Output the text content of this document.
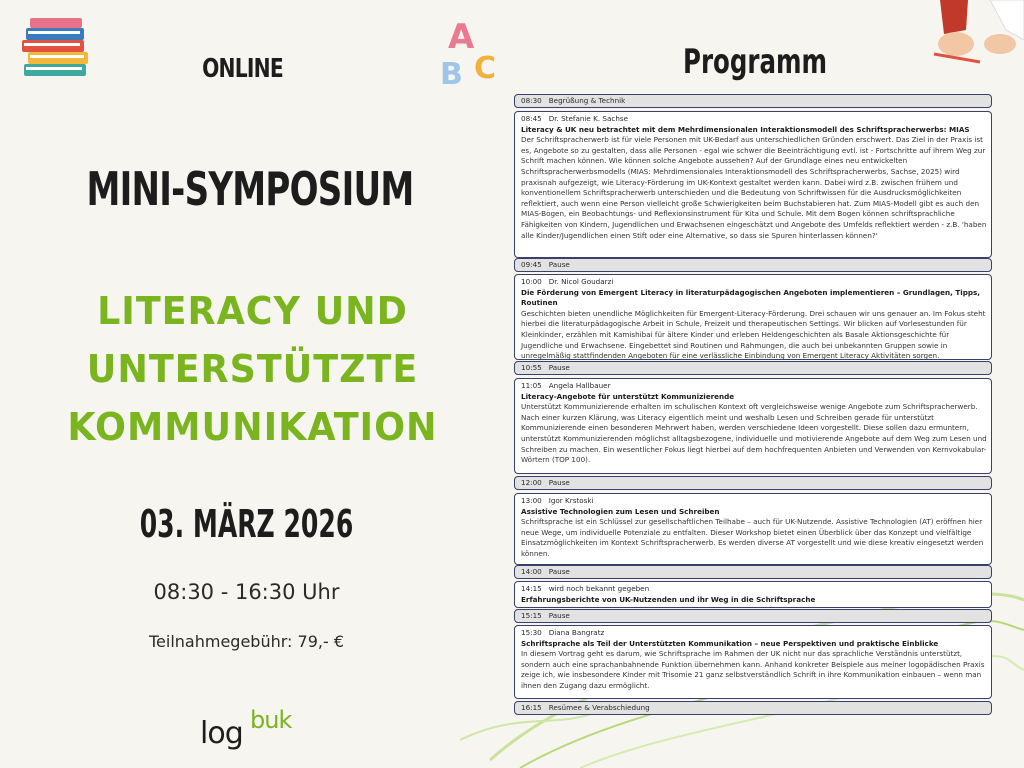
A
B C
ONLINE
MINI-SYMPOSIUM
LITERACY UND
UNTERSTÜTZTE
KOMMUNIKATION
03. MÄRZ 2026
08:30 - 16:30 Uhr
Teilnahmegebühr: 79,- €
log buk
Programm
08:30 Begrüßung & Technik
08:45 Dr. Stefanie K. Sachse
Literacy & UK neu betrachtet mit dem Mehrdimensionalen Interaktionsmodell des Schriftspracherwerbs: MIAS
Der Schriftspracherwerb ist für viele Personen mit UK-Bedarf aus unterschiedlichen Gründen erschwert. Das Ziel in der Praxis ist es, Angebote so zu gestalten, dass alle Personen - egal wie schwer die Beeinträchtigung evtl. ist - Fortschritte auf ihrem Weg zur Schrift machen können. Wie können solche Angebote aussehen? Auf der Grundlage eines neu entwickelten Schriftspracherwerbsmodells (MIAS: Mehrdimensionales Interaktionsmodell des Schriftspracherwerbs, Sachse, 2025) wird praxisnah aufgezeigt, wie Literacy-Förderung im UK-Kontext gestaltet werden kann. Dabei wird z.B. zwischen frühem und konventionellem Schriftspracherwerb unterschieden und die Bedeutung von Schriftwissen für die Ausdrucksmöglichkeiten reflektiert, auch wenn eine Person vielleicht große Schwierigkeiten beim Buchstabieren hat. Zum MIAS-Modell gibt es auch den MIAS-Bogen, ein Beobachtungs- und Reflexionsinstrument für Kita und Schule. Mit dem Bogen können schriftsprachliche Fähigkeiten von Kindern, Jugendlichen und Erwachsenen eingeschätzt und Angebote des Umfelds reflektiert werden - z.B. 'haben alle Kinder/Jugendlichen einen Stift oder eine Alternative, so dass sie Spuren hinterlassen können?'
09:45 Pause
10:00 Dr. Nicol Goudarzi
Die Förderung von Emergent Literacy in literaturpädagogischen Angeboten implementieren – Grundlagen, Tipps, Routinen
Geschichten bieten unendliche Möglichkeiten für Emergent-Literacy-Förderung. Drei schauen wir uns genauer an. Im Fokus steht hierbei die literaturpädagogische Arbeit in Schule, Freizeit und therapeutischen Settings. Wir blicken auf Vorlesestunden für Kleinkinder, erzählen mit Kamishibai für ältere Kinder und erleben Heldengeschichten als Basale Aktionsgeschichte für Jugendliche und Erwachsene. Eingebettet sind Routinen und Rahmungen, die auch bei unbekannten Gruppen sowie in unregelmäßig stattfindenden Angeboten für eine verlässliche Einbindung von Emergent Literacy Aktivitäten sorgen.
10:55 Pause
11:05 Angela Hallbauer
Literacy-Angebote für unterstützt Kommunizierende
Unterstützt Kommunizierende erhalten im schulischen Kontext oft vergleichsweise wenige Angebote zum Schriftspracherwerb. Nach einer kurzen Klärung, was Literacy eigentlich meint und weshalb Lesen und Schreiben gerade für unterstützt Kommunizierende einen besonderen Mehrwert haben, werden verschiedene Ideen vorgestellt. Diese sollen dazu ermuntern, unterstützt Kommunizierenden möglichst alltagsbezogene, individuelle und motivierende Angebote auf dem Weg zum Lesen und Schreiben zu machen. Ein wesentlicher Fokus liegt hierbei auf dem hochfrequenten Anbieten und Verwenden von Kernvokabular-Wörtern (TOP 100).
12:00 Pause
13:00 Igor Krstoski
Assistive Technologien zum Lesen und Schreiben
Schriftsprache ist ein Schlüssel zur gesellschaftlichen Teilhabe – auch für UK-Nutzende. Assistive Technologien (AT) eröffnen hier neue Wege, um individuelle Potenziale zu entfalten. Dieser Workshop bietet einen Überblick über das Konzept und vielfältige Einsatzmöglichkeiten im Kontext Schriftspracherwerb. Es werden diverse AT vorgestellt und wie diese kreativ eingesetzt werden können.
14:00 Pause
14:15 wird noch bekannt gegeben
Erfahrungsberichte von UK-Nutzenden und ihr Weg in die Schriftsprache
15:15 Pause
15:30 Diana Bangratz
Schriftsprache als Teil der Unterstützten Kommunikation – neue Perspektiven und praktische Einblicke
In diesem Vortrag geht es darum, wie Schriftsprache im Rahmen der UK nicht nur das sprachliche Verständnis unterstützt, sondern auch eine sprachanbahnende Funktion übernehmen kann. Anhand konkreter Beispiele aus meiner logopädischen Praxis zeige ich, wie insbesondere Kinder mit Trisomie 21 ganz selbstverständlich Schrift in ihre Kommunikation einbauen – wenn man ihnen den Zugang dazu ermöglicht.
16:15 Resümee & Verabschiedung
